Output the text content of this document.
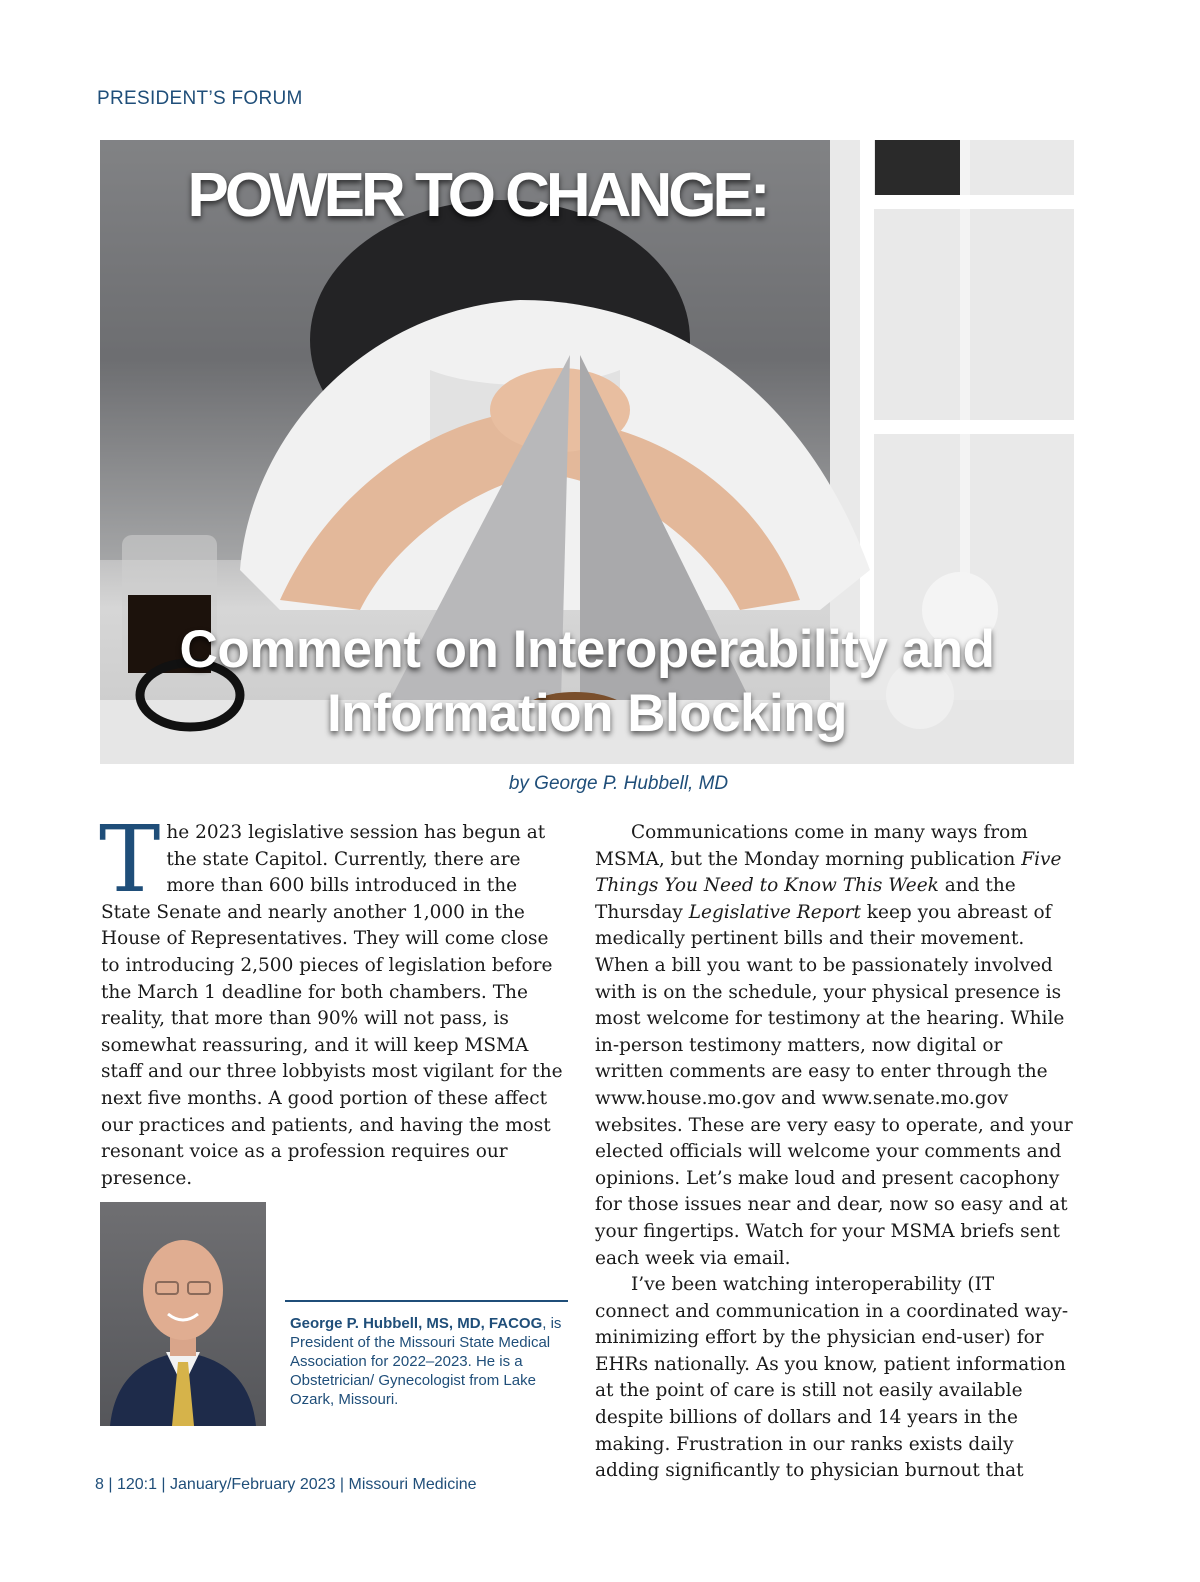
PRESIDENT’S FORUM
POWER TO CHANGE:
Comment on Interoperability and
Information Blocking
by George P. Hubbell, MD

The 2023 legislative session has begun at the state Capitol. Currently, there are more than 600 bills introduced in the State Senate and nearly another 1,000 in the House of Representatives. They will come close to introducing 2,500 pieces of legislation before the March 1 deadline for both chambers. The reality, that more than 90% will not pass, is somewhat reassuring, and it will keep MSMA staff and our three lobbyists most vigilant for the next five months. A good portion of these affect our practices and patients, and having the most resonant voice as a profession requires our presence.

Communications come in many ways from MSMA, but the Monday morning publication Five Things You Need to Know This Week and the Thursday Legislative Report keep you abreast of medically pertinent bills and their movement. When a bill you want to be passionately involved with is on the schedule, your physical presence is most welcome for testimony at the hearing. While in-person testimony matters, now digital or written comments are easy to enter through the www.house.mo.gov and www.senate.mo.gov websites. These are very easy to operate, and your elected officials will welcome your comments and opinions. Let’s make loud and present cacophony for those issues near and dear, now so easy and at your fingertips. Watch for your MSMA briefs sent each week via email.

I’ve been watching interoperability (IT connect and communication in a coordinated way-minimizing effort by the physician end-user) for EHRs nationally. As you know, patient information at the point of care is still not easily available despite billions of dollars and 14 years in the making. Frustration in our ranks exists daily adding significantly to physician burnout that

George P. Hubbell, MS, MD, FACOG, is President of the Missouri State Medical Association for 2022–2023. He is a Obstetrician/ Gynecologist from Lake Ozark, Missouri.
8 | 120:1 | January/February 2023 | Missouri Medicine
